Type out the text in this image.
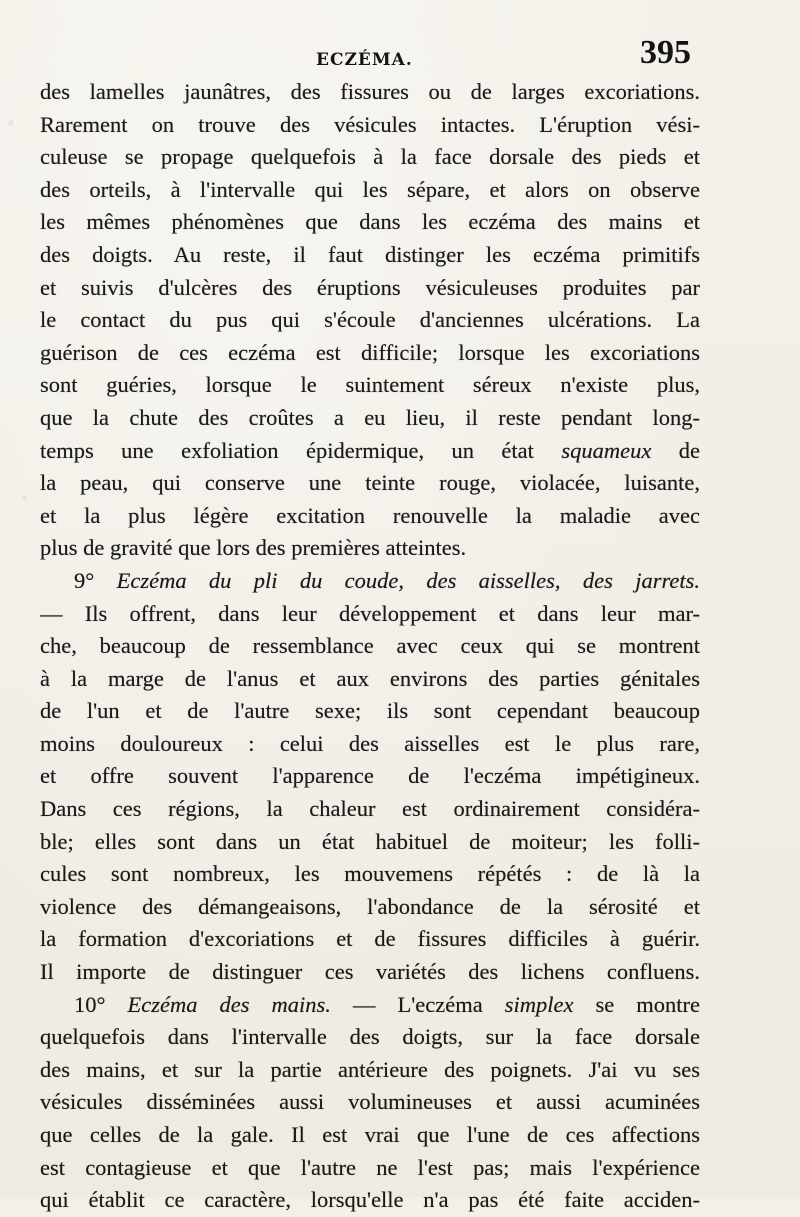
ECZÉMA.	395
des lamelles jaunâtres, des fissures ou de larges excoriations.
Rarement on trouve des vésicules intactes. L'éruption vési-
culeuse se propage quelquefois à la face dorsale des pieds et
des orteils, à l'intervalle qui les sépare, et alors on observe
les mêmes phénomènes que dans les eczéma des mains et
des doigts. Au reste, il faut distinger les eczéma primitifs
et suivis d'ulcères des éruptions vésiculeuses produites par
le contact du pus qui s'écoule d'anciennes ulcérations. La
guérison de ces eczéma est difficile; lorsque les excoriations
sont guéries, lorsque le suintement séreux n'existe plus,
que la chute des croûtes a eu lieu, il reste pendant long-
temps une exfoliation épidermique, un état squameux de
la peau, qui conserve une teinte rouge, violacée, luisante,
et la plus légère excitation renouvelle la maladie avec
plus de gravité que lors des premières atteintes.
9° Eczéma du pli du coude, des aisselles, des jarrets.
— Ils offrent, dans leur développement et dans leur mar-
che, beaucoup de ressemblance avec ceux qui se montrent
à la marge de l'anus et aux environs des parties génitales
de l'un et de l'autre sexe; ils sont cependant beaucoup
moins douloureux : celui des aisselles est le plus rare,
et offre souvent l'apparence de l'eczéma impétigineux.
Dans ces régions, la chaleur est ordinairement considéra-
ble; elles sont dans un état habituel de moiteur; les folli-
cules sont nombreux, les mouvemens répétés : de là la
violence des démangeaisons, l'abondance de la sérosité et
la formation d'excoriations et de fissures difficiles à guérir.
Il importe de distinguer ces variétés des lichens confluens.
10° Eczéma des mains. — L'eczéma simplex se montre
quelquefois dans l'intervalle des doigts, sur la face dorsale
des mains, et sur la partie antérieure des poignets. J'ai vu ses
vésicules disséminées aussi volumineuses et aussi acuminées
que celles de la gale. Il est vrai que l'une de ces affections
est contagieuse et que l'autre ne l'est pas; mais l'expérience
qui établit ce caractère, lorsqu'elle n'a pas été faite acciden-
